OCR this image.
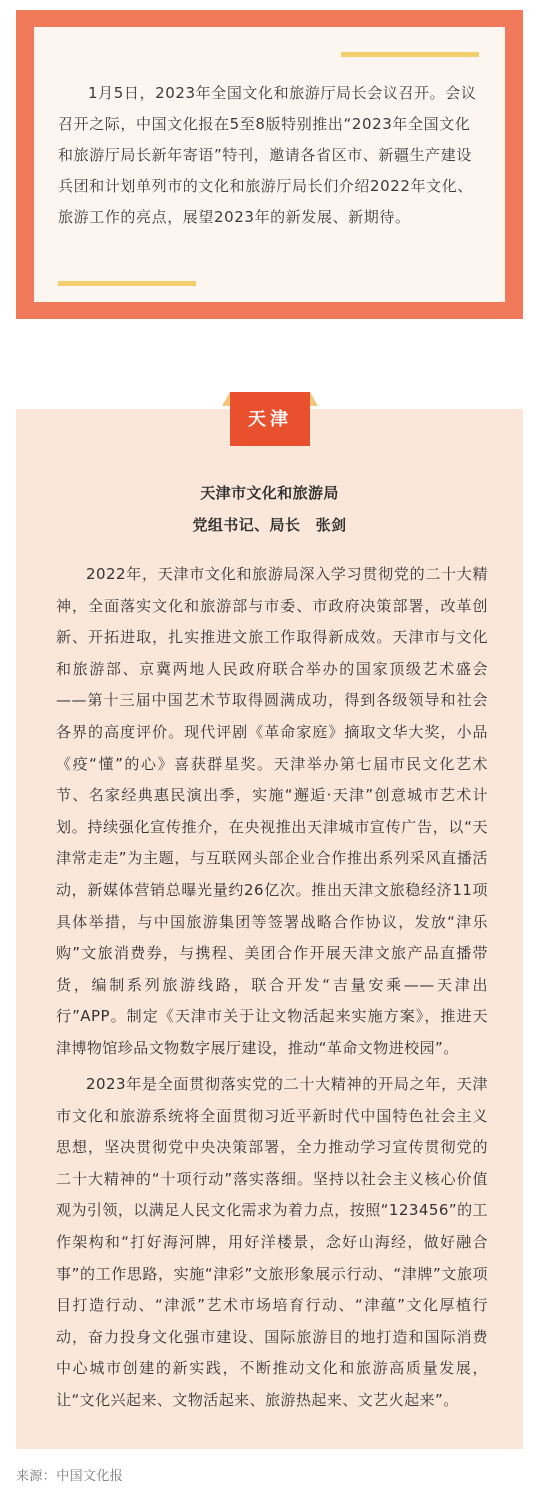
1月5日，2023年全国文化和旅游厅局长会议召开。会议召开之际，中国文化报在5至8版特别推出“2023年全国文化和旅游厅局长新年寄语”特刊，邀请各省区市、新疆生产建设兵团和计划单列市的文化和旅游厅局长们介绍2022年文化、旅游工作的亮点，展望2023年的新发展、新期待。

天津
天津市文化和旅游局
党组书记、局长　张剑

2022年，天津市文化和旅游局深入学习贯彻党的二十大精神，全面落实文化和旅游部与市委、市政府决策部署，改革创新、开拓进取，扎实推进文旅工作取得新成效。天津市与文化和旅游部、京冀两地人民政府联合举办的国家顶级艺术盛会——第十三届中国艺术节取得圆满成功，得到各级领导和社会各界的高度评价。现代评剧《革命家庭》摘取文华大奖，小品《疫“懂”的心》喜获群星奖。天津举办第七届市民文化艺术节、名家经典惠民演出季，实施“邂逅·天津”创意城市艺术计划。持续强化宣传推介，在央视推出天津城市宣传广告，以“天津常走走”为主题，与互联网头部企业合作推出系列采风直播活动，新媒体营销总曝光量约26亿次。推出天津文旅稳经济11项具体举措，与中国旅游集团等签署战略合作协议，发放“津乐购”文旅消费券，与携程、美团合作开展天津文旅产品直播带货，编制系列旅游线路，联合开发“吉量安乘——天津出行”APP。制定《天津市关于让文物活起来实施方案》，推进天津博物馆珍品文物数字展厅建设，推动“革命文物进校园”。

2023年是全面贯彻落实党的二十大精神的开局之年，天津市文化和旅游系统将全面贯彻习近平新时代中国特色社会主义思想，坚决贯彻党中央决策部署，全力推动学习宣传贯彻党的二十大精神的“十项行动”落实落细。坚持以社会主义核心价值观为引领，以满足人民文化需求为着力点，按照“123456”的工作架构和“打好海河牌，用好洋楼景，念好山海经，做好融合事”的工作思路，实施“津彩”文旅形象展示行动、“津牌”文旅项目打造行动、“津派”艺术市场培育行动、“津蕴”文化厚植行动，奋力投身文化强市建设、国际旅游目的地打造和国际消费中心城市创建的新实践，不断推动文化和旅游高质量发展，让“文化兴起来、文物活起来、旅游热起来、文艺火起来”。

来源：中国文化报
